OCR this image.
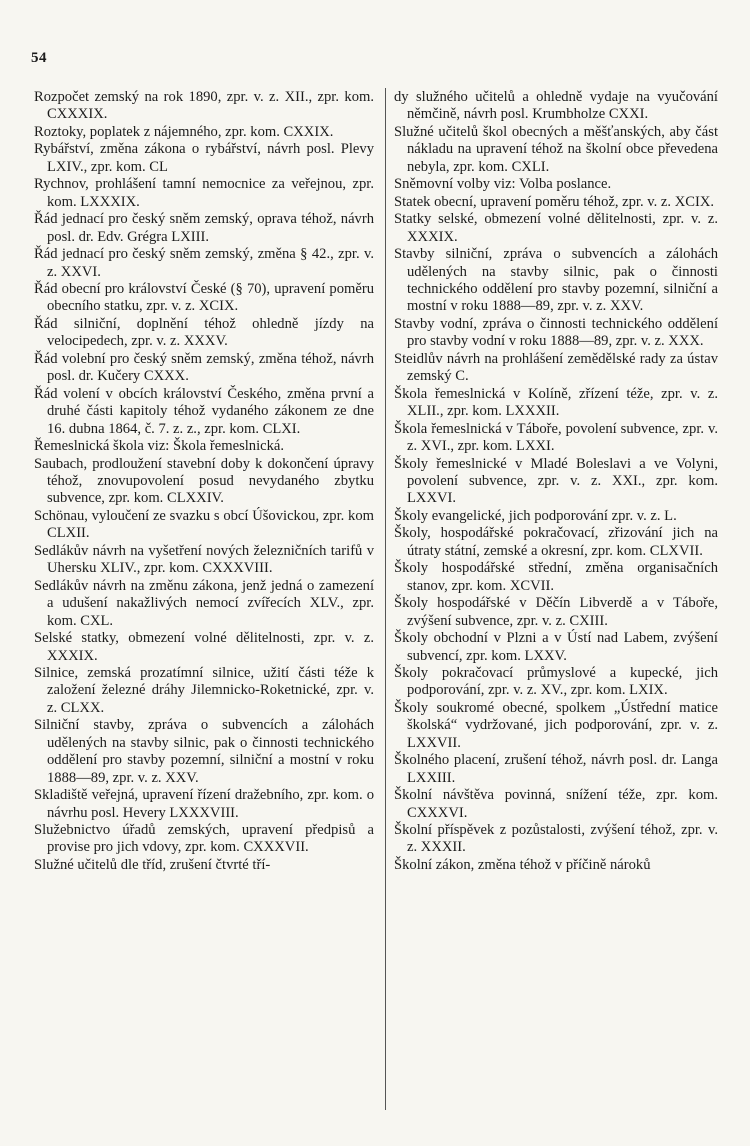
54

Rozpočet zemský na rok 1890, zpr. v. z. XII., zpr. kom. CXXXIX.

Roztoky, poplatek z nájemného, zpr. kom. CXXIX.

Rybářství, změna zákona o rybářství, návrh posl. Plevy LXIV., zpr. kom. CL

Rychnov, prohlášení tamní nemocnice za veřejnou, zpr. kom. LXXXIX.

Řád jednací pro český sněm zemský, oprava téhož, návrh posl. dr. Edv. Grégra LXIII.

Řád jednací pro český sněm zemský, změna § 42., zpr. v. z. XXVI.

Řád obecní pro království České (§ 70), upravení poměru obecního statku, zpr. v. z. XCIX.

Řád silniční, doplnění téhož ohledně jízdy na velocipedech, zpr. v. z. XXXV.

Řád volební pro český sněm zemský, změna téhož, návrh posl. dr. Kučery CXXX.

Řád volení v obcích království Českého, změna první a druhé části kapitoly téhož vydaného zákonem ze dne 16. dubna 1864, č. 7. z. z., zpr. kom. CLXI.

Řemeslnická škola viz: Škola řemeslnická.

Saubach, prodloužení stavební doby k dokončení úpravy téhož, znovupovolení posud nevydaného zbytku subvence, zpr. kom. CLXXIV.

Schönau, vyloučení ze svazku s obcí Úšovickou, zpr. kom CLXII.

Sedlákův návrh na vyšetření nových železničních tarifů v Uhersku XLIV., zpr. kom. CXXXVIII.

Sedlákův návrh na změnu zákona, jenž jedná o zamezení a udušení nakažlivých nemocí zvířecích XLV., zpr. kom. CXL.

Selské statky, obmezení volné dělitelnosti, zpr. v. z. XXXIX.

Silnice, zemská prozatímní silnice, užití části téže k založení železné dráhy Jilemnicko-Roketnické, zpr. v. z. CLXX.

Silniční stavby, zpráva o subvencích a zálohách udělených na stavby silnic, pak o činnosti technického oddělení pro stavby pozemní, silniční a mostní v roku 1888—89, zpr. v. z. XXV.

Skladiště veřejná, upravení řízení dražebního, zpr. kom. o návrhu posl. Hevery LXXXVIII.

Služebnictvo úřadů zemských, upravení předpisů a provise pro jich vdovy, zpr. kom. CXXXVII.

Služné učitelů dle tříd, zrušení čtvrté tří-

dy služného učitelů a ohledně vydaje na vyučování němčině, návrh posl. Krumbholze CXXI.

Služné učitelů škol obecných a měšťanských, aby část nákladu na upravení téhož na školní obce převedena nebyla, zpr. kom. CXLI.

Sněmovní volby viz: Volba poslance.

Statek obecní, upravení poměru téhož, zpr. v. z. XCIX.

Statky selské, obmezení volné dělitelnosti, zpr. v. z. XXXIX.

Stavby silniční, zpráva o subvencích a zálohách udělených na stavby silnic, pak o činnosti technického oddělení pro stavby pozemní, silniční a mostní v roku 1888—89, zpr. v. z. XXV.

Stavby vodní, zpráva o činnosti technického oddělení pro stavby vodní v roku 1888—89, zpr. v. z. XXX.

Steidlův návrh na prohlášení zemědělské rady za ústav zemský C.

Škola řemeslnická v Kolíně, zřízení téže, zpr. v. z. XLII., zpr. kom. LXXXII.

Škola řemeslnická v Táboře, povolení subvence, zpr. v. z. XVI., zpr. kom. LXXI.

Školy řemeslnické v Mladé Boleslavi a ve Volyni, povolení subvence, zpr. v. z. XXI., zpr. kom. LXXVI.

Školy evangelické, jich podporování zpr. v. z. L.

Školy, hospodářské pokračovací, zřizování jich na útraty státní, zemské a okresní, zpr. kom. CLXVII.

Školy hospodářské střední, změna organisačních stanov, zpr. kom. XCVII.

Školy hospodářské v Děčín Libverdě a v Táboře, zvýšení subvence, zpr. v. z. CXIII.

Školy obchodní v Plzni a v Ústí nad Labem, zvýšení subvencí, zpr. kom. LXXV.

Školy pokračovací průmyslové a kupecké, jich podporování, zpr. v. z. XV., zpr. kom. LXIX.

Školy soukromé obecné, spolkem „Ústřední matice školská“ vydržované, jich podporování, zpr. v. z. LXXVII.

Školného placení, zrušení téhož, návrh posl. dr. Langa LXXIII.

Školní návštěva povinná, snížení téže, zpr. kom. CXXXVI.

Školní příspěvek z pozůstalosti, zvýšení téhož, zpr. v. z. XXXII.

Školní zákon, změna téhož v příčině nároků
